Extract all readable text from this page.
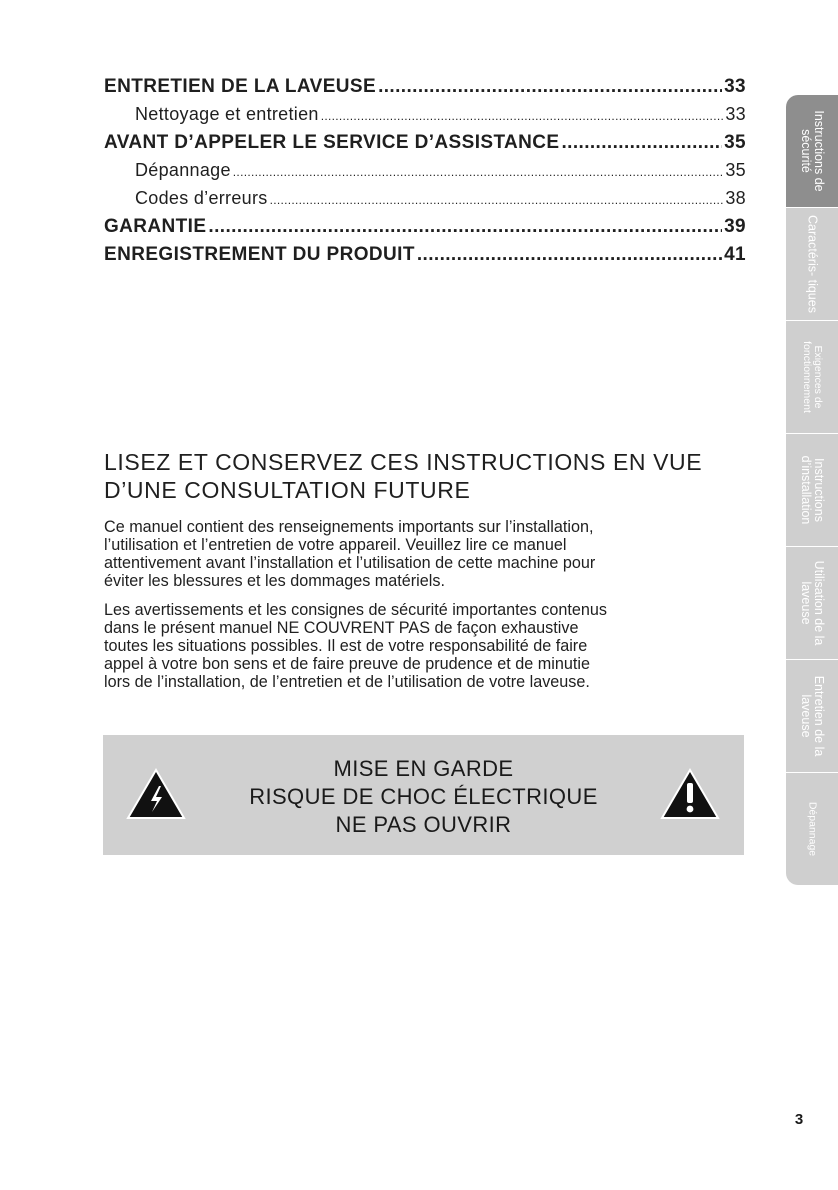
ENTRETIEN DE LA LAVEUSE .....	33
Nettoyage et entretien .....	33
AVANT D’APPELER LE SERVICE D’ASSISTANCE .....	35
Dépannage .....	35
Codes d’erreurs .....	38
GARANTIE .....	39
ENREGISTREMENT DU PRODUIT .....	41
LISEZ ET CONSERVEZ CES INSTRUCTIONS EN VUE
D’UNE CONSULTATION FUTURE
Ce manuel contient des renseignements importants sur l’installation,
l’utilisation et l’entretien de votre appareil. Veuillez lire ce manuel
attentivement avant l’installation et l’utilisation de cette machine pour
éviter les blessures et les dommages matériels.
Les avertissements et les consignes de sécurité importantes contenus
dans le présent manuel NE COUVRENT PAS de façon exhaustive
toutes les situations possibles. Il est de votre responsabilité de faire
appel à votre bon sens et de faire preuve de prudence et de minutie
lors de l’installation, de l’entretien et de l’utilisation de votre laveuse.
MISE EN GARDE
RISQUE DE CHOC ÉLECTRIQUE
NE PAS OUVRIR
Instructions de sécurité
Caractéris- tiques
Exigences de fonctionnement
Instructions d’installation
Utilisation de la laveuse
Entretien de la laveuse
Dépannage
3
